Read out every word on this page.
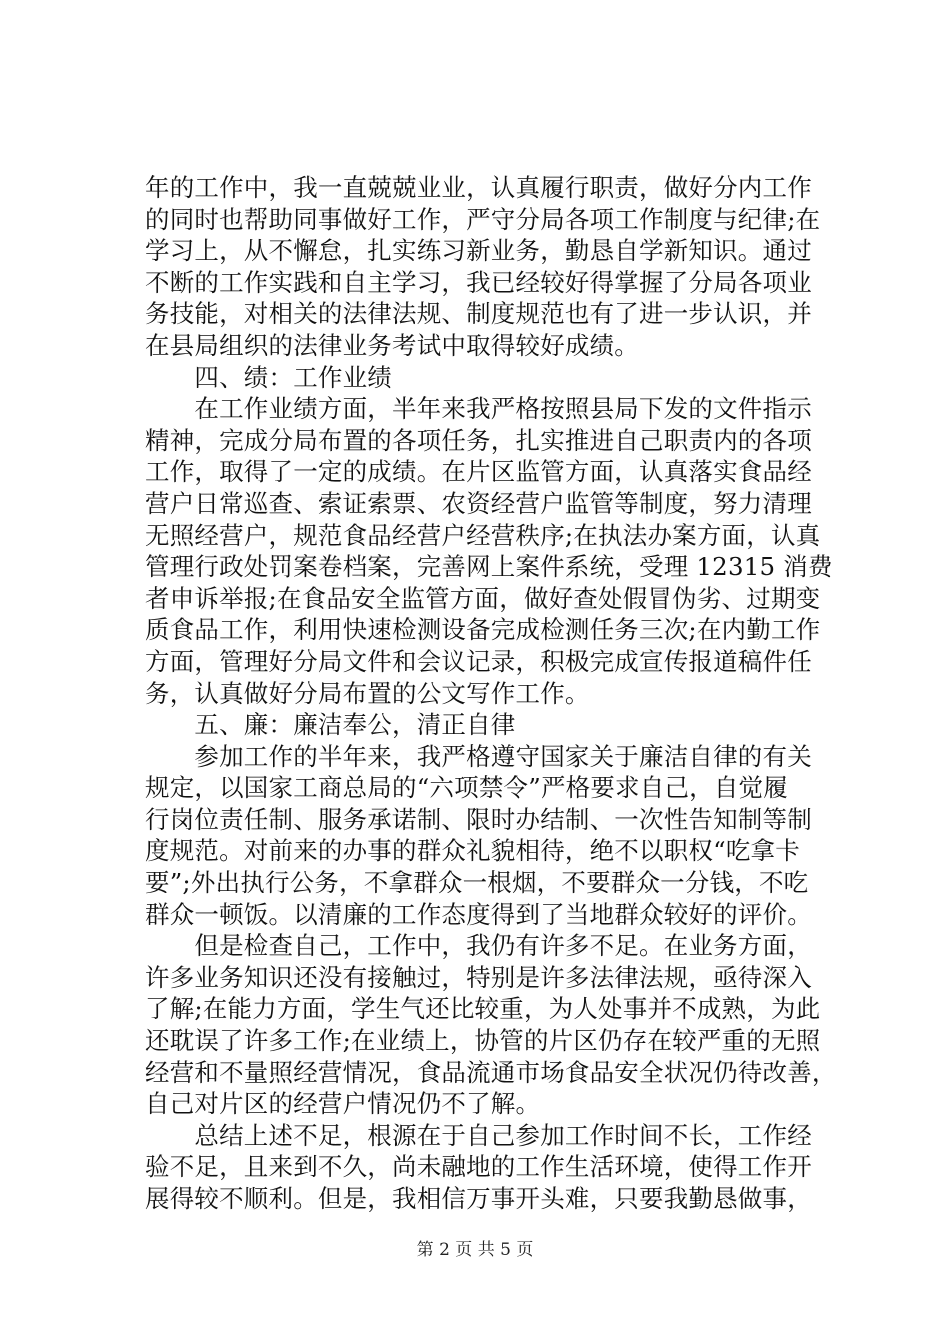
年的工作中，我一直兢兢业业，认真履行职责，做好分内工作
的同时也帮助同事做好工作，严守分局各项工作制度与纪律;在
学习上，从不懈怠，扎实练习新业务，勤恳自学新知识。通过
不断的工作实践和自主学习，我已经较好得掌握了分局各项业
务技能，对相关的法律法规、制度规范也有了进一步认识，并
在县局组织的法律业务考试中取得较好成绩。
　　四、绩：工作业绩
　　在工作业绩方面，半年来我严格按照县局下发的文件指示
精神，完成分局布置的各项任务，扎实推进自己职责内的各项
工作，取得了一定的成绩。在片区监管方面，认真落实食品经
营户日常巡查、索证索票、农资经营户监管等制度，努力清理
无照经营户，规范食品经营户经营秩序;在执法办案方面，认真
管理行政处罚案卷档案，完善网上案件系统，受理 12315 消费
者申诉举报;在食品安全监管方面，做好查处假冒伪劣、过期变
质食品工作，利用快速检测设备完成检测任务三次;在内勤工作
方面，管理好分局文件和会议记录，积极完成宣传报道稿件任
务，认真做好分局布置的公文写作工作。
　　五、廉：廉洁奉公，清正自律
　　参加工作的半年来，我严格遵守国家关于廉洁自律的有关
规定，以国家工商总局的“六项禁令”严格要求自己，自觉履
行岗位责任制、服务承诺制、限时办结制、一次性告知制等制
度规范。对前来的办事的群众礼貌相待，绝不以职权“吃拿卡
要”;外出执行公务，不拿群众一根烟，不要群众一分钱，不吃
群众一顿饭。以清廉的工作态度得到了当地群众较好的评价。
　　但是检查自己，工作中，我仍有许多不足。在业务方面，
许多业务知识还没有接触过，特别是许多法律法规，亟待深入
了解;在能力方面，学生气还比较重，为人处事并不成熟，为此
还耽误了许多工作;在业绩上，协管的片区仍存在较严重的无照
经营和不量照经营情况，食品流通市场食品安全状况仍待改善，
自己对片区的经营户情况仍不了解。
　　总结上述不足，根源在于自己参加工作时间不长，工作经
验不足，且来到不久，尚未融地的工作生活环境，使得工作开
展得较不顺利。但是，我相信万事开头难，只要我勤恳做事，
第 2 页 共 5 页
